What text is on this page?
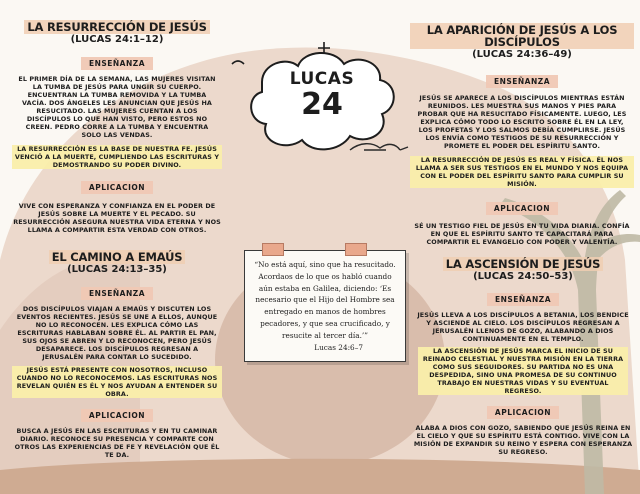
LUCAS
24
LA RESURRECCIÓN DE JESÚS
(LUCAS 24:1–12)
ENSEÑANZA
EL PRIMER DÍA DE LA SEMANA, LAS MUJERES VISITAN LA TUMBA DE JESÚS PARA UNGIR SU CUERPO. ENCUENTRAN LA TUMBA REMOVIDA Y LA TUMBA VACÍA. DOS ÁNGELES LES ANUNCIAN QUE JESÚS HA RESUCITADO. LAS MUJERES CUENTAN A LOS DISCÍPULOS LO QUE HAN VISTO, PERO ESTOS NO CREEN. PEDRO CORRE A LA TUMBA Y ENCUENTRA SOLO LAS VENDAS.
LA RESURRECCIÓN ES LA BASE DE NUESTRA FE. JESÚS VENCIÓ A LA MUERTE, CUMPLIENDO LAS ESCRITURAS Y DEMOSTRANDO SU PODER DIVINO.
APLICACION
VIVE CON ESPERANZA Y CONFIANZA EN EL PODER DE JESÚS SOBRE LA MUERTE Y EL PECADO. SU RESURRECCIÓN ASEGURA NUESTRA VIDA ETERNA Y NOS LLAMA A COMPARTIR ESTA VERDAD CON OTROS.
EL CAMINO A EMAÚS
(LUCAS 24:13–35)
ENSEÑANZA
DOS DISCÍPULOS VIAJAN A EMAÚS Y DISCUTEN LOS EVENTOS RECIENTES. JESÚS SE UNE A ELLOS, AUNQUE NO LO RECONOCEN. LES EXPLICA CÓMO LAS ESCRITURAS HABLABAN SOBRE ÉL. AL PARTIR EL PAN, SUS OJOS SE ABREN Y LO RECONOCEN, PERO JESÚS DESAPARECE. LOS DISCÍPULOS REGRESAN A JERUSALÉN PARA CONTAR LO SUCEDIDO.
JESÚS ESTÁ PRESENTE CON NOSOTROS, INCLUSO CUANDO NO LO RECONOCEMOS. LAS ESCRITURAS NOS REVELAN QUIÉN ES ÉL Y NOS AYUDAN A ENTENDER SU OBRA.
APLICACION
BUSCA A JESÚS EN LAS ESCRITURAS Y EN TU CAMINAR DIARIO. RECONOCE SU PRESENCIA Y COMPARTE CON OTROS LAS EXPERIENCIAS DE FE Y REVELACIÓN QUE ÉL TE DA.
LA APARICIÓN DE JESÚS A LOS DISCÍPULOS
(LUCAS 24:36–49)
ENSEÑANZA
JESÚS SE APARECE A LOS DISCÍPULOS MIENTRAS ESTÁN REUNIDOS. LES MUESTRA SUS MANOS Y PIES PARA PROBAR QUE HA RESUCITADO FÍSICAMENTE. LUEGO, LES EXPLICA CÓMO TODO LO ESCRITO SOBRE ÉL EN LA LEY, LOS PROFETAS Y LOS SALMOS DEBÍA CUMPLIRSE. JESÚS LOS ENVÍA COMO TESTIGOS DE SU RESURRECCIÓN Y PROMETE EL PODER DEL ESPÍRITU SANTO.
LA RESURRECCIÓN DE JESÚS ES REAL Y FÍSICA. ÉL NOS LLAMA A SER SUS TESTIGOS EN EL MUNDO Y NOS EQUIPA CON EL PODER DEL ESPÍRITU SANTO PARA CUMPLIR SU MISIÓN.
APLICACION
SÉ UN TESTIGO FIEL DE JESÚS EN TU VIDA DIARIA. CONFÍA EN QUE EL ESPÍRITU SANTO TE CAPACITARÁ PARA COMPARTIR EL EVANGELIO CON PODER Y VALENTÍA.
LA ASCENSIÓN DE JESÚS
(LUCAS 24:50–53)
ENSEÑANZA
JESÚS LLEVA A LOS DISCÍPULOS A BETANIA, LOS BENDICE Y ASCIENDE AL CIELO. LOS DISCÍPULOS REGRESAN A JERUSALÉN LLENOS DE GOZO, ALABANDO A DIOS CONTINUAMENTE EN EL TEMPLO.
LA ASCENSIÓN DE JESÚS MARCA EL INICIO DE SU REINADO CELESTIAL Y NUESTRA MISIÓN EN LA TIERRA COMO SUS SEGUIDORES. SU PARTIDA NO ES UNA DESPEDIDA, SINO UNA PROMESA DE SU CONTINUO TRABAJO EN NUESTRAS VIDAS Y SU EVENTUAL REGRESO.
APLICACION
ALABA A DIOS CON GOZO, SABIENDO QUE JESÚS REINA EN EL CIELO Y QUE SU ESPÍRITU ESTÁ CONTIGO. VIVE CON LA MISIÓN DE EXPANDIR SU REINO Y ESPERA CON ESPERANZA SU REGRESO.
“No está aquí, sino que ha resucitado. Acordaos de lo que os habló cuando aún estaba en Galilea, diciendo: ‘Es necesario que el Hijo del Hombre sea entregado en manos de hombres pecadores, y que sea crucificado, y resucite al tercer día.’”
Lucas 24:6–7
